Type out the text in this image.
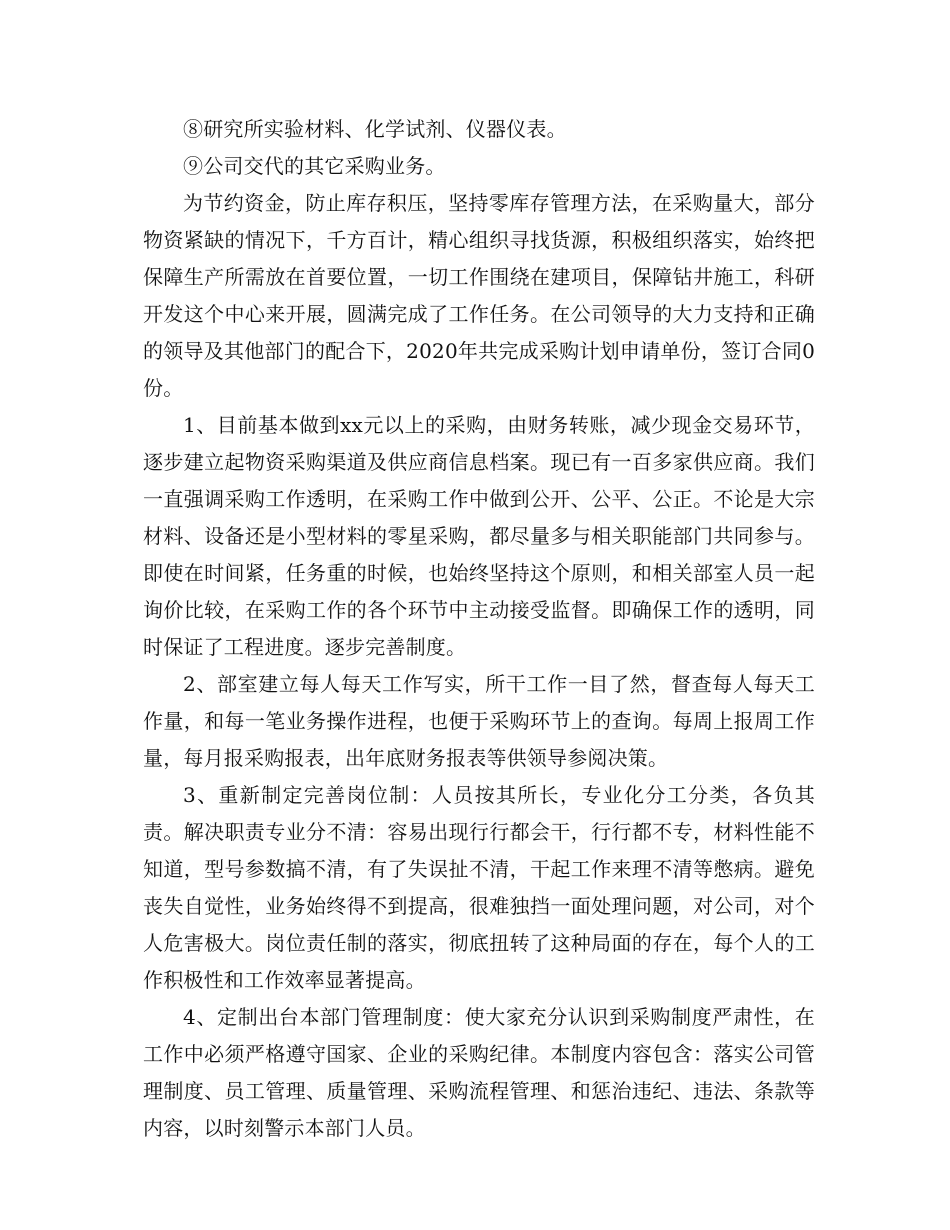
⑧研究所实验材料、化学试剂、仪器仪表。

⑨公司交代的其它采购业务。

为节约资金，防止库存积压，坚持零库存管理方法，在采购量大，部分物资紧缺的情况下，千方百计，精心组织寻找货源，积极组织落实，始终把保障生产所需放在首要位置，一切工作围绕在建项目，保障钻井施工，科研开发这个中心来开展，圆满完成了工作任务。在公司领导的大力支持和正确的领导及其他部门的配合下，2020年共完成采购计划申请单份，签订合同0份。

1、目前基本做到xx元以上的采购，由财务转账，减少现金交易环节，逐步建立起物资采购渠道及供应商信息档案。现已有一百多家供应商。我们一直强调采购工作透明，在采购工作中做到公开、公平、公正。不论是大宗材料、设备还是小型材料的零星采购，都尽量多与相关职能部门共同参与。即使在时间紧，任务重的时候，也始终坚持这个原则，和相关部室人员一起询价比较，在采购工作的各个环节中主动接受监督。即确保工作的透明，同时保证了工程进度。逐步完善制度。

2、部室建立每人每天工作写实，所干工作一目了然，督查每人每天工作量，和每一笔业务操作进程，也便于采购环节上的查询。每周上报周工作量，每月报采购报表，出年底财务报表等供领导参阅决策。

3、重新制定完善岗位制：人员按其所长，专业化分工分类，各负其责。解决职责专业分不清：容易出现行行都会干，行行都不专，材料性能不知道，型号参数搞不清，有了失误扯不清，干起工作来理不清等憋病。避免丧失自觉性，业务始终得不到提高，很难独挡一面处理问题，对公司，对个人危害极大。岗位责任制的落实，彻底扭转了这种局面的存在，每个人的工作积极性和工作效率显著提高。

4、定制出台本部门管理制度：使大家充分认识到采购制度严肃性，在工作中必须严格遵守国家、企业的采购纪律。本制度内容包含：落实公司管理制度、员工管理、质量管理、采购流程管理、和惩治违纪、违法、条款等内容，以时刻警示本部门人员。
